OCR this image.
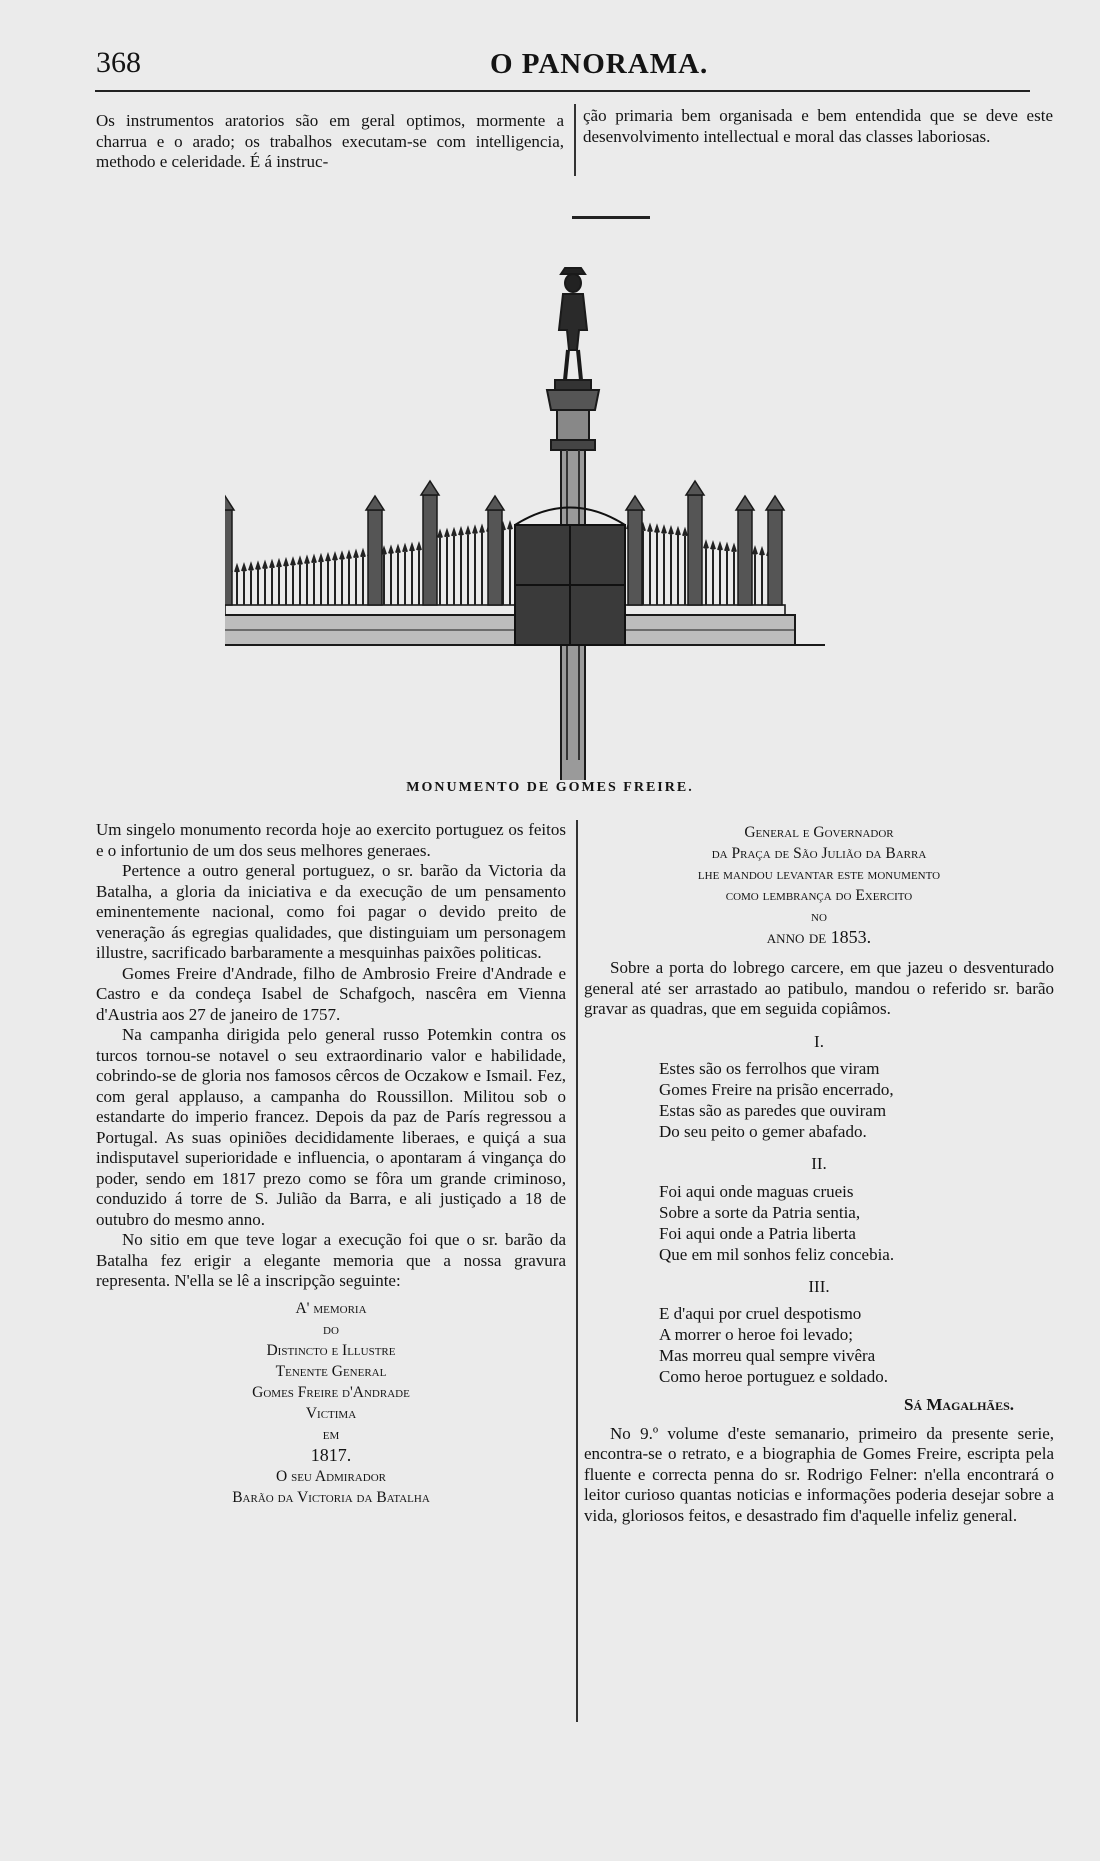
368	O PANORAMA.

Os instrumentos aratorios são em geral optimos, mormente a charrua e o arado; os trabalhos executam-se com intelligencia, methodo e celeridade. É á instruc-

ção primaria bem organisada e bem entendida que se deve este desenvolvimento intellectual e moral das classes laboriosas.

MONUMENTO DE GOMES FREIRE.

Um singelo monumento recorda hoje ao exercito portuguez os feitos e o infortunio de um dos seus melhores generaes.

Pertence a outro general portuguez, o sr. barão da Victoria da Batalha, a gloria da iniciativa e da execução de um pensamento eminentemente nacional, como foi pagar o devido preito de veneração ás egregias qualidades, que distinguiam um personagem illustre, sacrificado barbaramente a mesquinhas paixões politicas.

Gomes Freire d'Andrade, filho de Ambrosio Freire d'Andrade e Castro e da condeça Isabel de Schafgoch, nascêra em Vienna d'Austria aos 27 de janeiro de 1757.

Na campanha dirigida pelo general russo Potemkin contra os turcos tornou-se notavel o seu extraordinario valor e habilidade, cobrindo-se de gloria nos famosos cêrcos de Oczakow e Ismail. Fez, com geral applauso, a campanha do Roussillon. Militou sob o estandarte do imperio francez. Depois da paz de París regressou a Portugal. As suas opiniões decididamente liberaes, e quiçá a sua indisputavel superioridade e influencia, o apontaram á vingança do poder, sendo em 1817 prezo como se fôra um grande criminoso, conduzido á torre de S. Julião da Barra, e ali justiçado a 18 de outubro do mesmo anno.

No sitio em que teve logar a execução foi que o sr. barão da Batalha fez erigir a elegante memoria que a nossa gravura representa. N'ella se lê a inscripção seguinte:

A' memoria
do
Distincto e Illustre
Tenente General
Gomes Freire d'Andrade
Victima
em
1817.
O seu Admirador
Barão da Victoria da Batalha
General e Governador
da Praça de São Julião da Barra
lhe mandou levantar este monumento
como lembrança do Exercito
no
anno de 1853.

Sobre a porta do lobrego carcere, em que jazeu o desventurado general até ser arrastado ao patibulo, mandou o referido sr. barão gravar as quadras, que em seguida copiâmos.

I.
Estes são os ferrolhos que viram
Gomes Freire na prisão encerrado,
Estas são as paredes que ouviram
Do seu peito o gemer abafado.
II.
Foi aqui onde maguas crueis
Sobre a sorte da Patria sentia,
Foi aqui onde a Patria liberta
Que em mil sonhos feliz concebia.
III.
E d'aqui por cruel despotismo
A morrer o heroe foi levado;
Mas morreu qual sempre vivêra
Como heroe portuguez e soldado.
Sá Magalhães.

No 9.º volume d'este semanario, primeiro da presente serie, encontra-se o retrato, e a biographia de Gomes Freire, escripta pela fluente e correcta penna do sr. Rodrigo Felner: n'ella encontrará o leitor curioso quantas noticias e informações poderia desejar sobre a vida, gloriosos feitos, e desastrado fim d'aquelle infeliz general.
